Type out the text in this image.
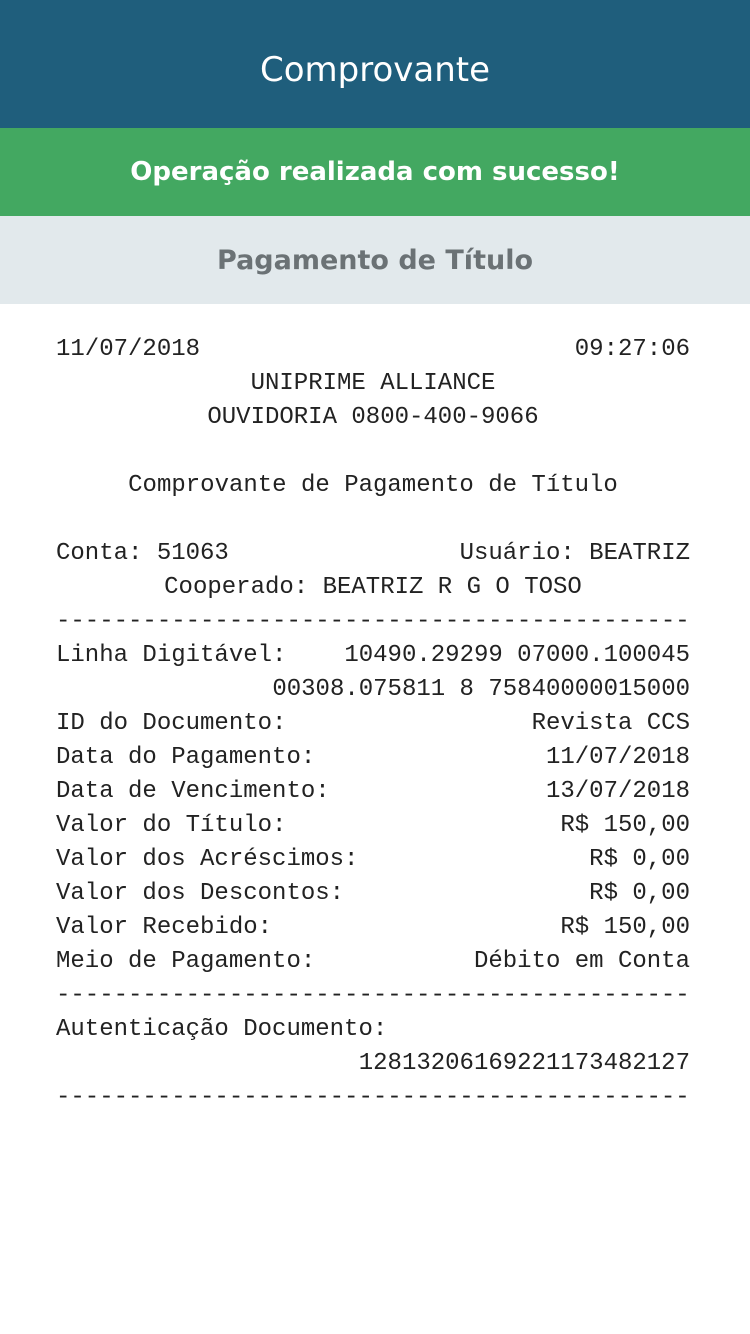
Comprovante
Operação realizada com sucesso!
Pagamento de Título
11/07/2018	09:27:06
UNIPRIME ALLIANCE
OUVIDORIA 0800-400-9066
Comprovante de Pagamento de Título
Conta: 51063	Usuário: BEATRIZ
Cooperado: BEATRIZ R G O TOSO
--------------------------------------------
Linha Digitável: 10490.29299 07000.100045
00308.075811 8 75840000015000
ID do Documento:	Revista CCS
Data do Pagamento:	11/07/2018
Data de Vencimento:	13/07/2018
Valor do Título:	R$ 150,00
Valor dos Acréscimos:	R$ 0,00
Valor dos Descontos:	R$ 0,00
Valor Recebido:	R$ 150,00
Meio de Pagamento:	Débito em Conta
--------------------------------------------
Autenticação Documento:
128132061692211734821​27
--------------------------------------------
